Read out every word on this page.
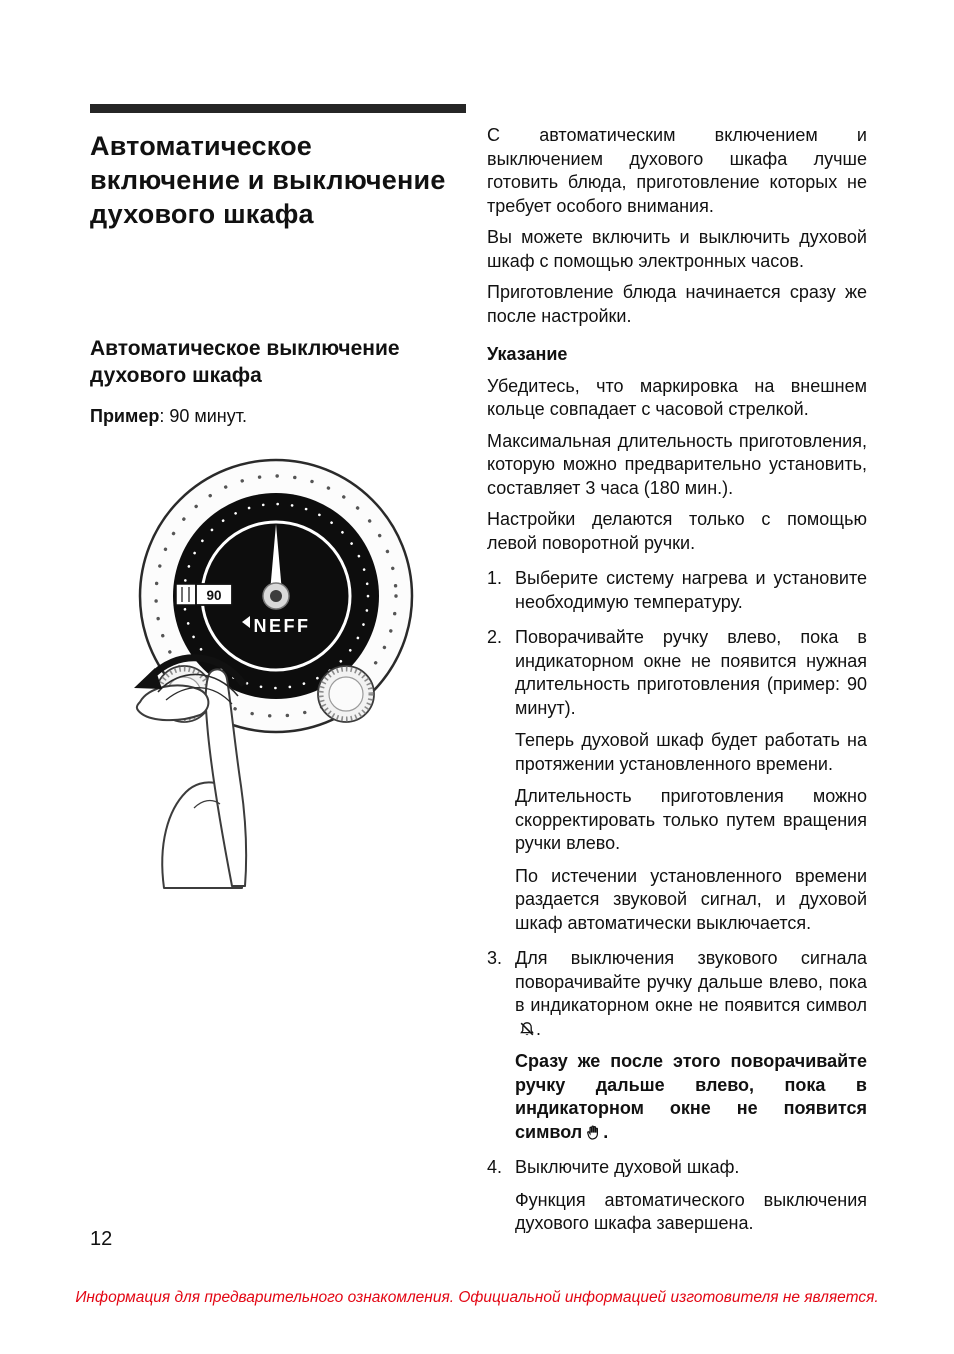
Автоматическое включение и выключение духового шкафа
Автоматическое выключение духового шкафа

Пример: 90 минут.

90
NEFF

С автоматическим включением и выключением духового шкафа лучше готовить блюда, приготовление которых не требует особого внимания.

Вы можете включить и выключить духовой шкаф с помощью электронных часов.

Приготовление блюда начинается сразу же после настройки.

Указание

Убедитесь, что маркировка на внешнем кольце совпадает с часовой стрелкой.

Максимальная длительность приготовления, которую можно предварительно установить, составляет 3 часа (180 мин.).

Настройки делаются только с помощью левой поворотной ручки.

1. Выберите систему нагрева и установите необходимую температуру.

2. Поворачивайте ручку влево, пока в индикаторном окне не появится нужная длительность приготовления (пример: 90 минут).

Теперь духовой шкаф будет работать на протяжении установленного времени.

Длительность приготовления можно скорректировать только путем вращения ручки влево.

По истечении установленного времени раздается звуковой сигнал, и духовой шкаф автоматически выключается.

3. Для выключения звукового сигнала поворачивайте ручку дальше влево, пока в индикаторном окне не появится символ.

Сразу же после этого поворачивайте ручку дальше влево, пока в индикаторном окне не появится символ .

4. Выключите духовой шкаф.

Функция автоматического выключения духового шкафа завершена.

12
Информация для предварительного ознакомления. Официальной информацией изготовителя не является.
